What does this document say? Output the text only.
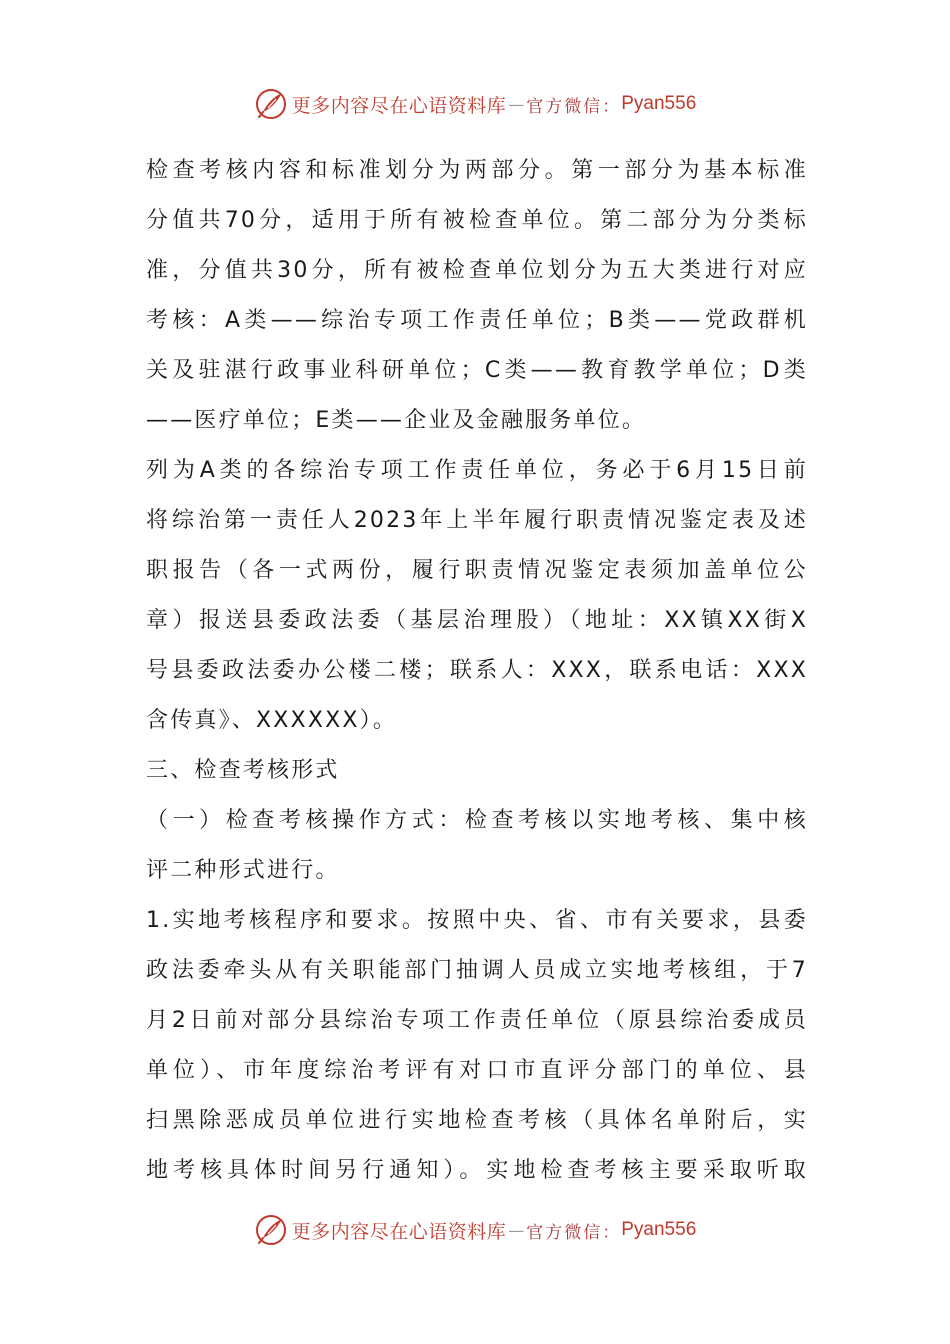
更多内容尽在心语资料库 — 官方微信： Pyan556
检查考核内容和标准划分为两部分。第一部分为基本标准
分值共70分，适用于所有被检查单位。第二部分为分类标
准，分值共30分，所有被检查单位划分为五大类进行对应
考核：A类——综治专项工作责任单位；B类——党政群机
关及驻湛行政事业科研单位；C类——教育教学单位；D类
——医疗单位；E类——企业及金融服务单位。
列为A类的各综治专项工作责任单位，务必于6月15日前
将综治第一责任人2023年上半年履行职责情况鉴定表及述
职报告（各一式两份，履行职责情况鉴定表须加盖单位公
章）报送县委政法委（基层治理股）（地址：XX镇XX街X
号县委政法委办公楼二楼；联系人：XXX，联系电话：XXX
含传真》、XXXXXX）。
三、检查考核形式
（一）检查考核操作方式：检查考核以实地考核、集中核
评二种形式进行。
1.实地考核程序和要求。按照中央、省、市有关要求，县委
政法委牵头从有关职能部门抽调人员成立实地考核组，于7
月2日前对部分县综治专项工作责任单位（原县综治委成员
单位）、市年度综治考评有对口市直评分部门的单位、县
扫黑除恶成员单位进行实地检查考核（具体名单附后，实
地考核具体时间另行通知）。实地检查考核主要采取听取
更多内容尽在心语资料库 — 官方微信： Pyan556
